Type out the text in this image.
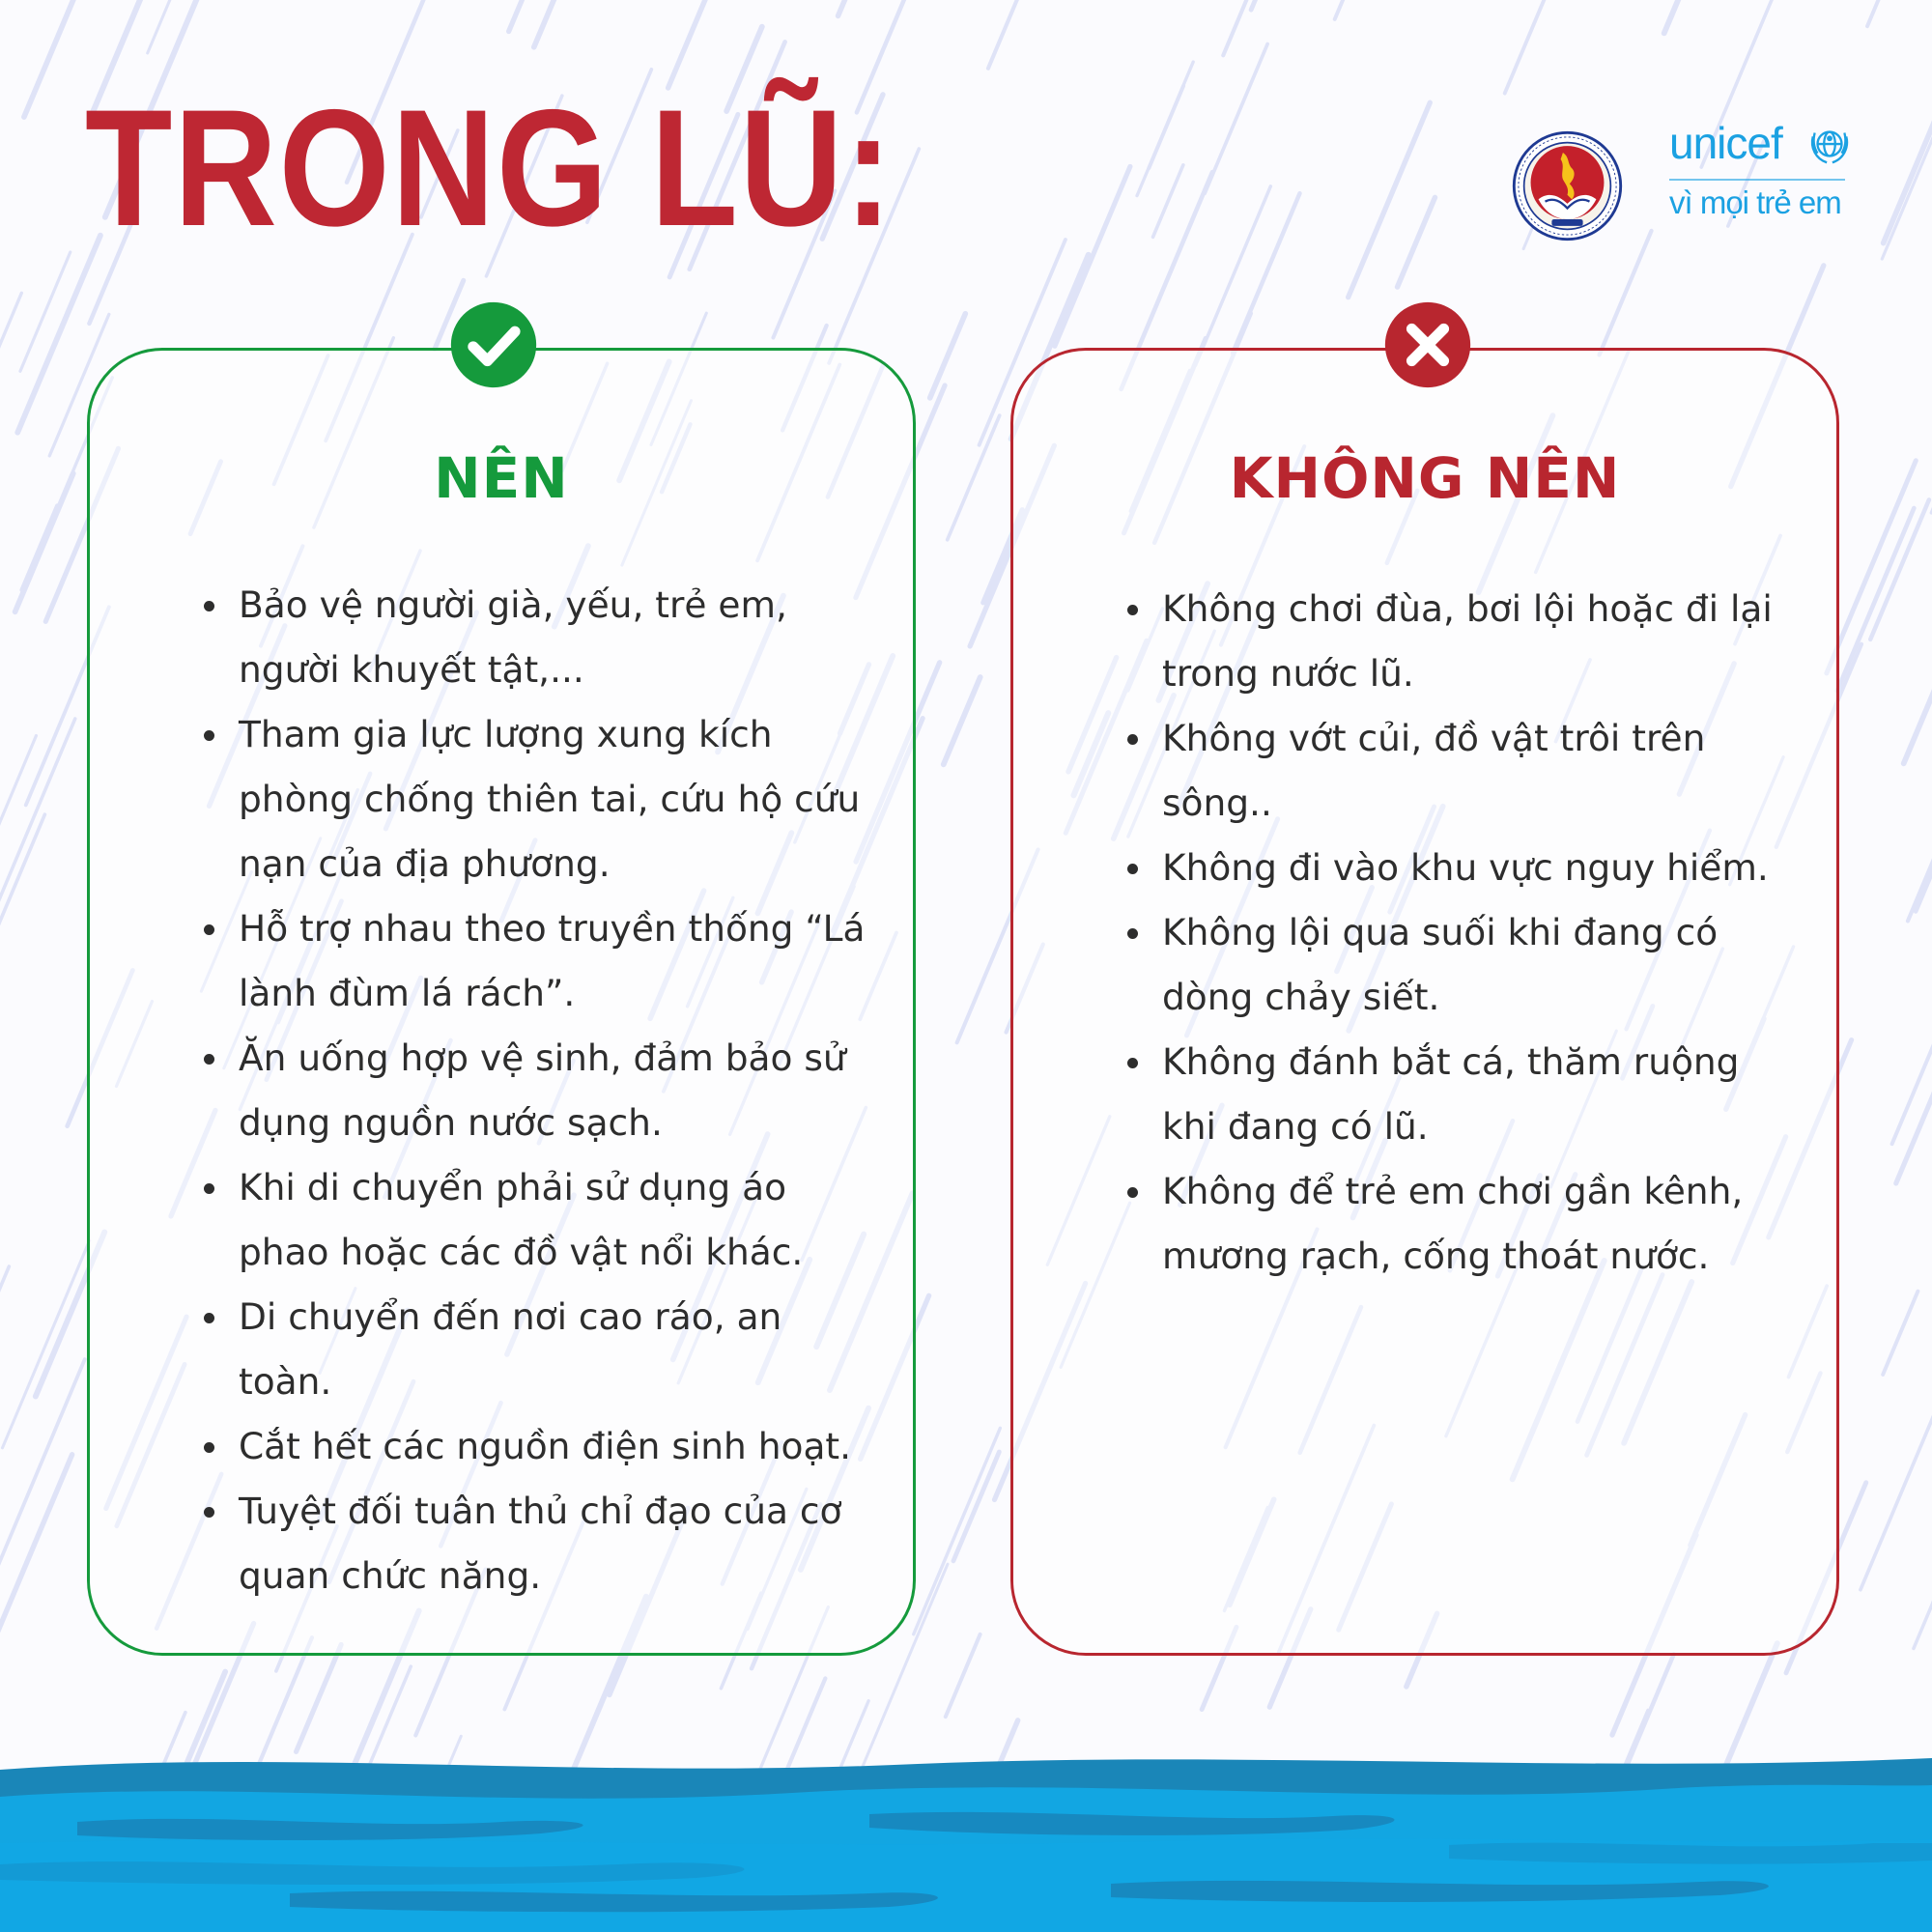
TRONG LŨ:	unicef
vì mọi trẻ em
NÊN
Bảo vệ người già, yếu, trẻ em, người khuyết tật,...
Tham gia lực lượng xung kích phòng chống thiên tai, cứu hộ cứu nạn của địa phương.
Hỗ trợ nhau theo truyền thống “Lá lành đùm lá rách”.
Ăn uống hợp vệ sinh, đảm bảo sử dụng nguồn nước sạch.
Khi di chuyển phải sử dụng áo phao hoặc các đồ vật nổi khác.
Di chuyển đến nơi cao ráo, an toàn.
Cắt hết các nguồn điện sinh hoạt.
Tuyệt đối tuân thủ chỉ đạo của cơ quan chức năng.
KHÔNG NÊN
Không chơi đùa, bơi lội hoặc đi lại trong nước lũ.
Không vớt củi, đồ vật trôi trên sông..
Không đi vào khu vực nguy hiểm.
Không lội qua suối khi đang có dòng chảy siết.
Không đánh bắt cá, thăm ruộng khi đang có lũ.
Không để trẻ em chơi gần kênh, mương rạch, cống thoát nước.
